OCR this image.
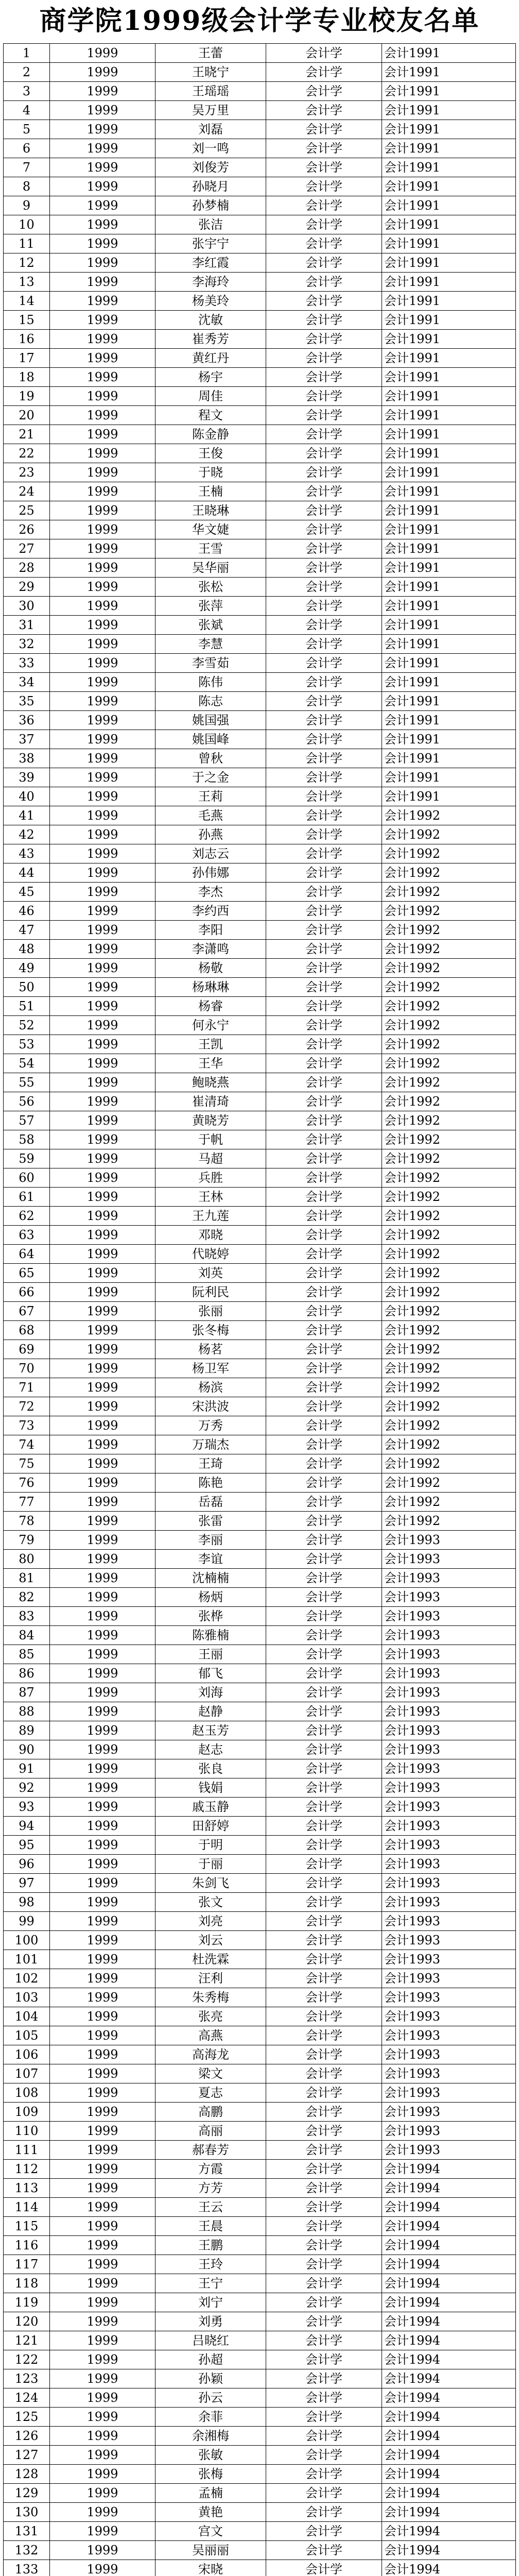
商学院1999级会计学专业校友名单
1	1999	王蕾	会计学	会计1991
2	1999	王晓宁	会计学	会计1991
3	1999	王瑶瑶	会计学	会计1991
4	1999	吴万里	会计学	会计1991
5	1999	刘磊	会计学	会计1991
6	1999	刘一鸣	会计学	会计1991
7	1999	刘俊芳	会计学	会计1991
8	1999	孙晓月	会计学	会计1991
9	1999	孙梦楠	会计学	会计1991
10	1999	张洁	会计学	会计1991
11	1999	张宇宁	会计学	会计1991
12	1999	李红霞	会计学	会计1991
13	1999	李海玲	会计学	会计1991
14	1999	杨美玲	会计学	会计1991
15	1999	沈敏	会计学	会计1991
16	1999	崔秀芳	会计学	会计1991
17	1999	黄红丹	会计学	会计1991
18	1999	杨宇	会计学	会计1991
19	1999	周佳	会计学	会计1991
20	1999	程文	会计学	会计1991
21	1999	陈金静	会计学	会计1991
22	1999	王俊	会计学	会计1991
23	1999	于晓	会计学	会计1991
24	1999	王楠	会计学	会计1991
25	1999	王晓琳	会计学	会计1991
26	1999	华文婕	会计学	会计1991
27	1999	王雪	会计学	会计1991
28	1999	吴华丽	会计学	会计1991
29	1999	张松	会计学	会计1991
30	1999	张萍	会计学	会计1991
31	1999	张斌	会计学	会计1991
32	1999	李慧	会计学	会计1991
33	1999	李雪茹	会计学	会计1991
34	1999	陈伟	会计学	会计1991
35	1999	陈志	会计学	会计1991
36	1999	姚国强	会计学	会计1991
37	1999	姚国峰	会计学	会计1991
38	1999	曾秋	会计学	会计1991
39	1999	于之金	会计学	会计1991
40	1999	王莉	会计学	会计1991
41	1999	毛燕	会计学	会计1992
42	1999	孙燕	会计学	会计1992
43	1999	刘志云	会计学	会计1992
44	1999	孙伟娜	会计学	会计1992
45	1999	李杰	会计学	会计1992
46	1999	李约西	会计学	会计1992
47	1999	李阳	会计学	会计1992
48	1999	李潇鸣	会计学	会计1992
49	1999	杨敬	会计学	会计1992
50	1999	杨琳琳	会计学	会计1992
51	1999	杨睿	会计学	会计1992
52	1999	何永宁	会计学	会计1992
53	1999	王凯	会计学	会计1992
54	1999	王华	会计学	会计1992
55	1999	鲍晓燕	会计学	会计1992
56	1999	崔清琦	会计学	会计1992
57	1999	黄晓芳	会计学	会计1992
58	1999	于帆	会计学	会计1992
59	1999	马超	会计学	会计1992
60	1999	兵胜	会计学	会计1992
61	1999	王林	会计学	会计1992
62	1999	王九莲	会计学	会计1992
63	1999	邓晓	会计学	会计1992
64	1999	代晓婷	会计学	会计1992
65	1999	刘英	会计学	会计1992
66	1999	阮利民	会计学	会计1992
67	1999	张丽	会计学	会计1992
68	1999	张冬梅	会计学	会计1992
69	1999	杨茗	会计学	会计1992
70	1999	杨卫军	会计学	会计1992
71	1999	杨滨	会计学	会计1992
72	1999	宋洪波	会计学	会计1992
73	1999	万秀	会计学	会计1992
74	1999	万瑞杰	会计学	会计1992
75	1999	王琦	会计学	会计1992
76	1999	陈艳	会计学	会计1992
77	1999	岳磊	会计学	会计1992
78	1999	张雷	会计学	会计1992
79	1999	李丽	会计学	会计1993
80	1999	李谊	会计学	会计1993
81	1999	沈楠楠	会计学	会计1993
82	1999	杨炳	会计学	会计1993
83	1999	张桦	会计学	会计1993
84	1999	陈雅楠	会计学	会计1993
85	1999	王丽	会计学	会计1993
86	1999	郁飞	会计学	会计1993
87	1999	刘海	会计学	会计1993
88	1999	赵静	会计学	会计1993
89	1999	赵玉芳	会计学	会计1993
90	1999	赵志	会计学	会计1993
91	1999	张良	会计学	会计1993
92	1999	钱娟	会计学	会计1993
93	1999	戚玉静	会计学	会计1993
94	1999	田舒婷	会计学	会计1993
95	1999	于明	会计学	会计1993
96	1999	于丽	会计学	会计1993
97	1999	朱剑飞	会计学	会计1993
98	1999	张文	会计学	会计1993
99	1999	刘亮	会计学	会计1993
100	1999	刘云	会计学	会计1993
101	1999	杜洗霖	会计学	会计1993
102	1999	汪利	会计学	会计1993
103	1999	朱秀梅	会计学	会计1993
104	1999	张亮	会计学	会计1993
105	1999	高燕	会计学	会计1993
106	1999	高海龙	会计学	会计1993
107	1999	梁文	会计学	会计1993
108	1999	夏志	会计学	会计1993
109	1999	高鹏	会计学	会计1993
110	1999	高丽	会计学	会计1993
111	1999	郝春芳	会计学	会计1993
112	1999	方霞	会计学	会计1994
113	1999	方芳	会计学	会计1994
114	1999	王云	会计学	会计1994
115	1999	王晨	会计学	会计1994
116	1999	王鹏	会计学	会计1994
117	1999	王玲	会计学	会计1994
118	1999	王宁	会计学	会计1994
119	1999	刘宁	会计学	会计1994
120	1999	刘勇	会计学	会计1994
121	1999	吕晓红	会计学	会计1994
122	1999	孙超	会计学	会计1994
123	1999	孙颖	会计学	会计1994
124	1999	孙云	会计学	会计1994
125	1999	余菲	会计学	会计1994
126	1999	余湘梅	会计学	会计1994
127	1999	张敏	会计学	会计1994
128	1999	张梅	会计学	会计1994
129	1999	孟楠	会计学	会计1994
130	1999	黄艳	会计学	会计1994
131	1999	宫文	会计学	会计1994
132	1999	吴丽丽	会计学	会计1994
133	1999	宋晓	会计学	会计1994
